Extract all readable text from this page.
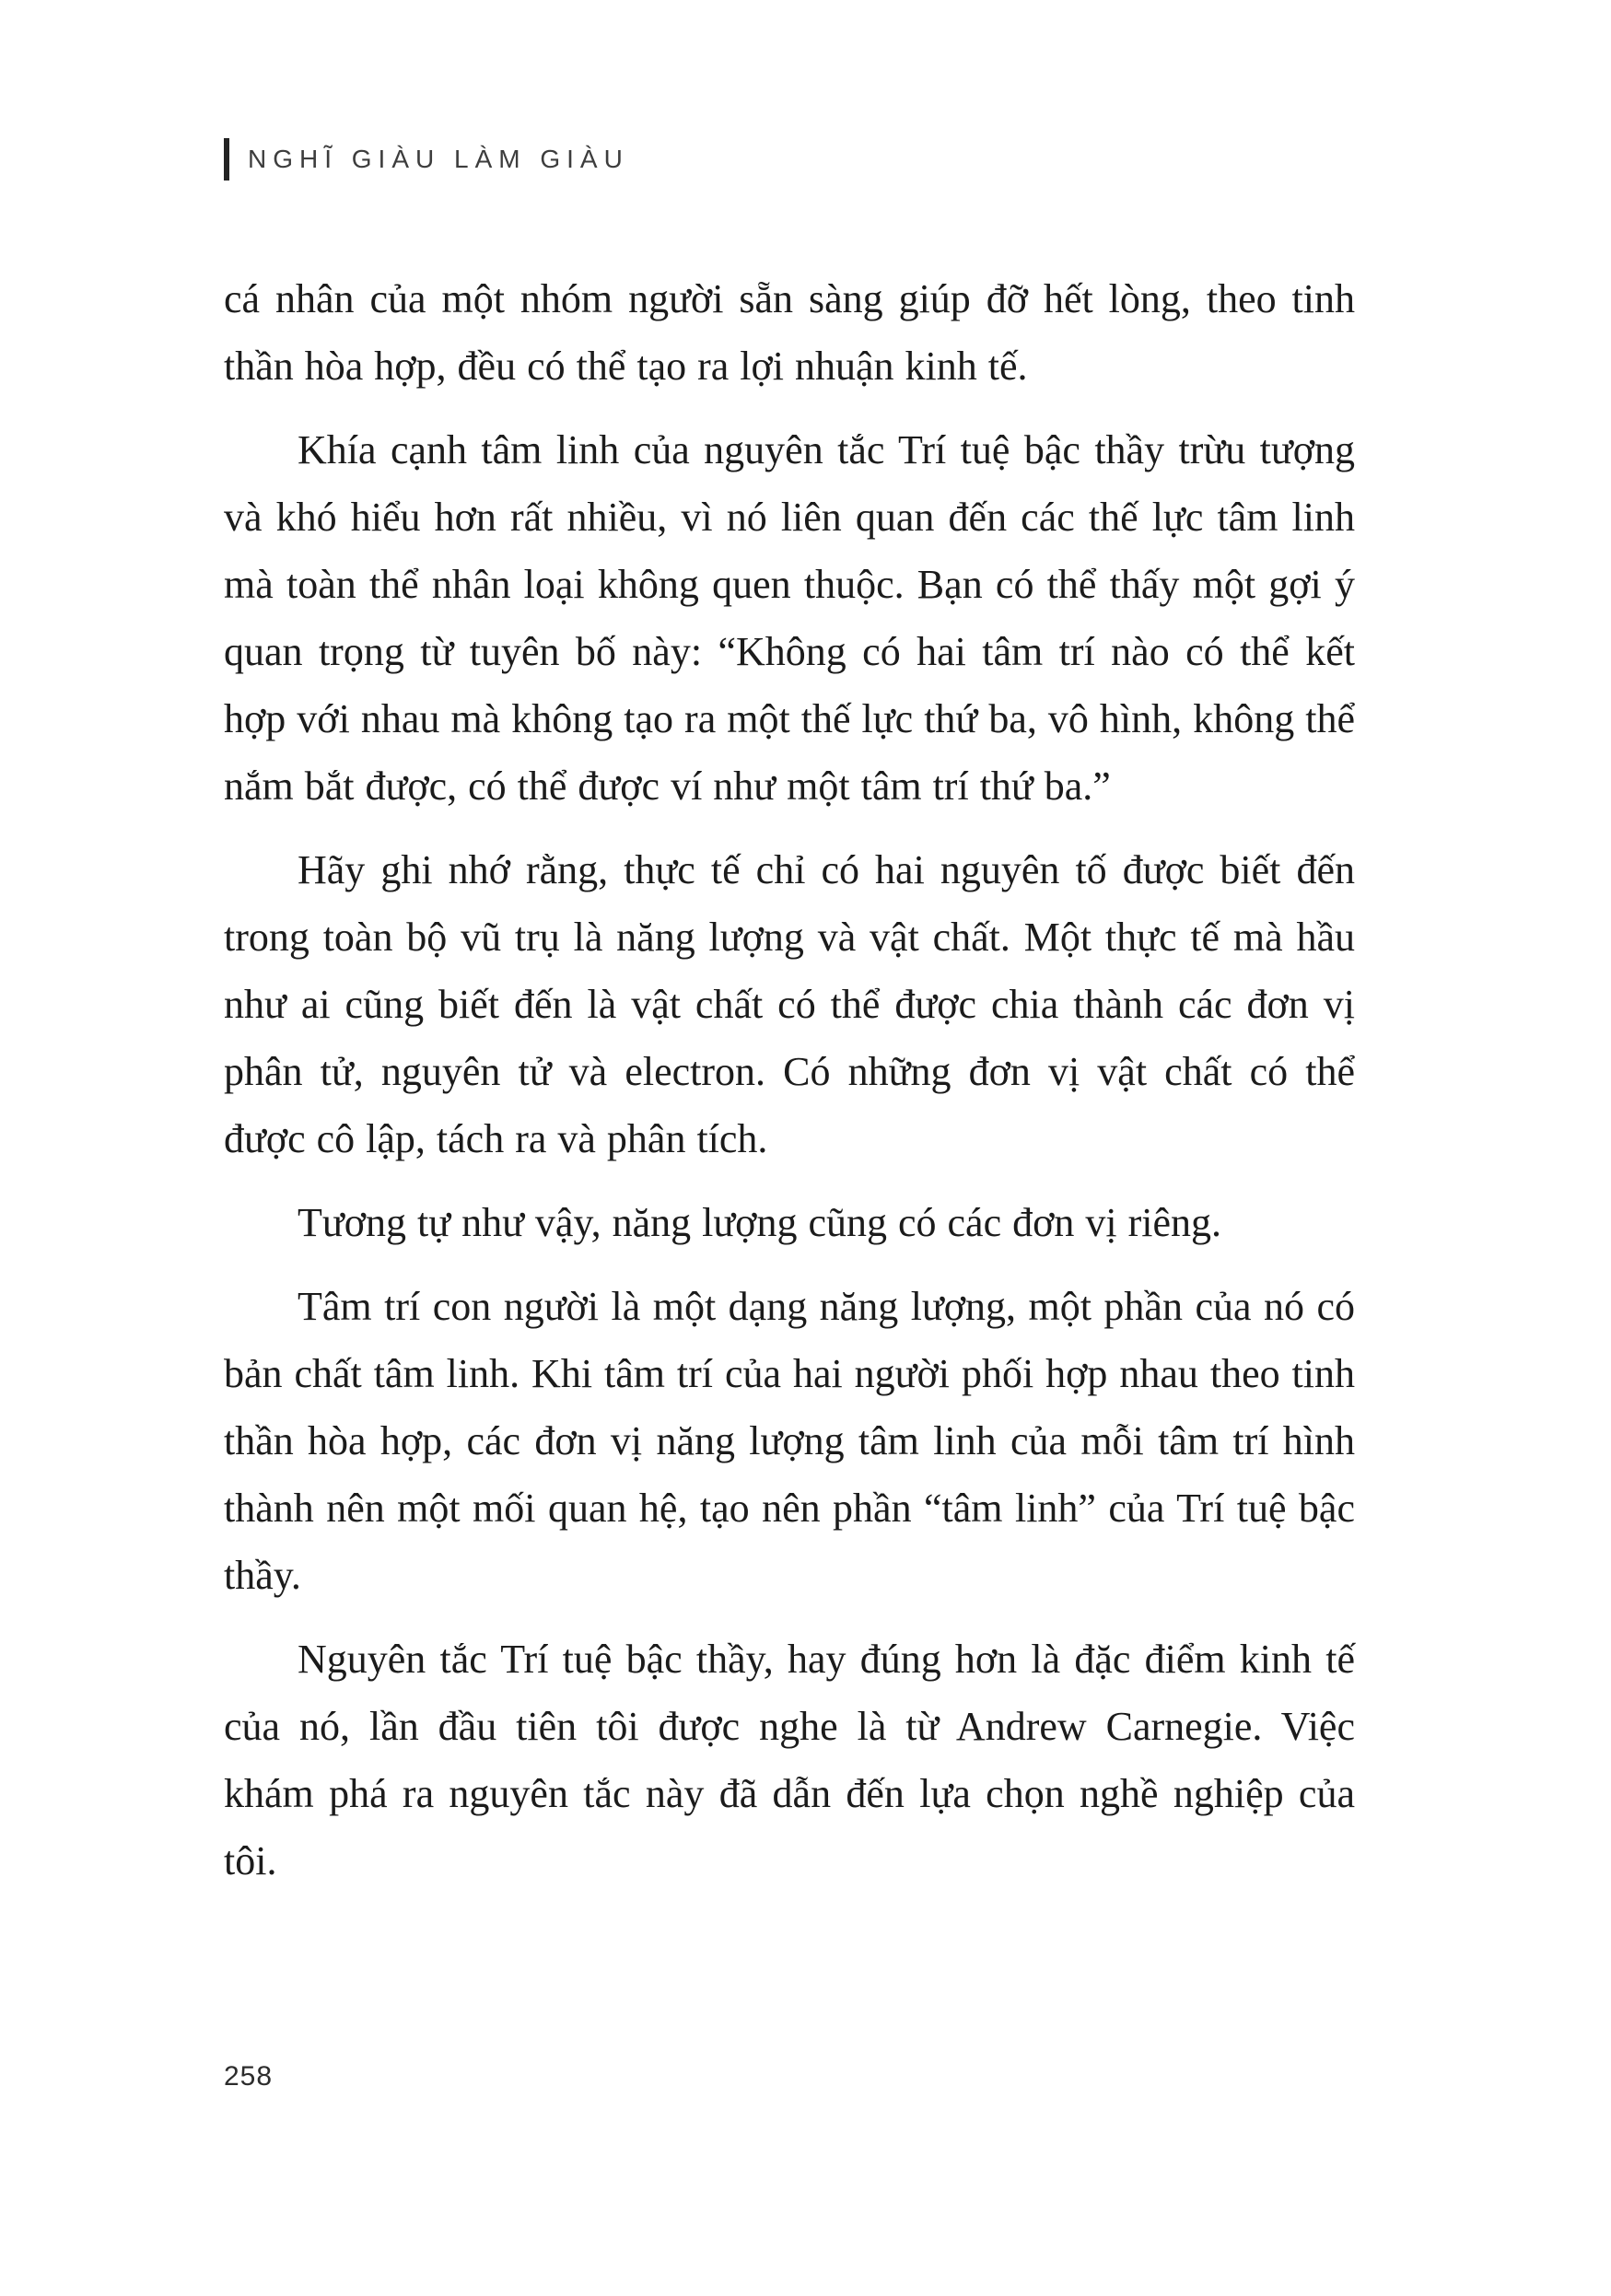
NGHĨ GIÀU LÀM GIÀU

cá nhân của một nhóm người sẵn sàng giúp đỡ hết lòng, theo tinh thần hòa hợp, đều có thể tạo ra lợi nhuận kinh tế.

Khía cạnh tâm linh của nguyên tắc Trí tuệ bậc thầy trừu tượng và khó hiểu hơn rất nhiều, vì nó liên quan đến các thế lực tâm linh mà toàn thể nhân loại không quen thuộc. Bạn có thể thấy một gợi ý quan trọng từ tuyên bố này: “Không có hai tâm trí nào có thể kết hợp với nhau mà không tạo ra một thế lực thứ ba, vô hình, không thể nắm bắt được, có thể được ví như một tâm trí thứ ba.”

Hãy ghi nhớ rằng, thực tế chỉ có hai nguyên tố được biết đến trong toàn bộ vũ trụ là năng lượng và vật chất. Một thực tế mà hầu như ai cũng biết đến là vật chất có thể được chia thành các đơn vị phân tử, nguyên tử và electron. Có những đơn vị vật chất có thể được cô lập, tách ra và phân tích.

Tương tự như vậy, năng lượng cũng có các đơn vị riêng.

Tâm trí con người là một dạng năng lượng, một phần của nó có bản chất tâm linh. Khi tâm trí của hai người phối hợp nhau theo tinh thần hòa hợp, các đơn vị năng lượng tâm linh của mỗi tâm trí hình thành nên một mối quan hệ, tạo nên phần “tâm linh” của Trí tuệ bậc thầy.

Nguyên tắc Trí tuệ bậc thầy, hay đúng hơn là đặc điểm kinh tế của nó, lần đầu tiên tôi được nghe là từ Andrew Carnegie. Việc khám phá ra nguyên tắc này đã dẫn đến lựa chọn nghề nghiệp của tôi.

258
